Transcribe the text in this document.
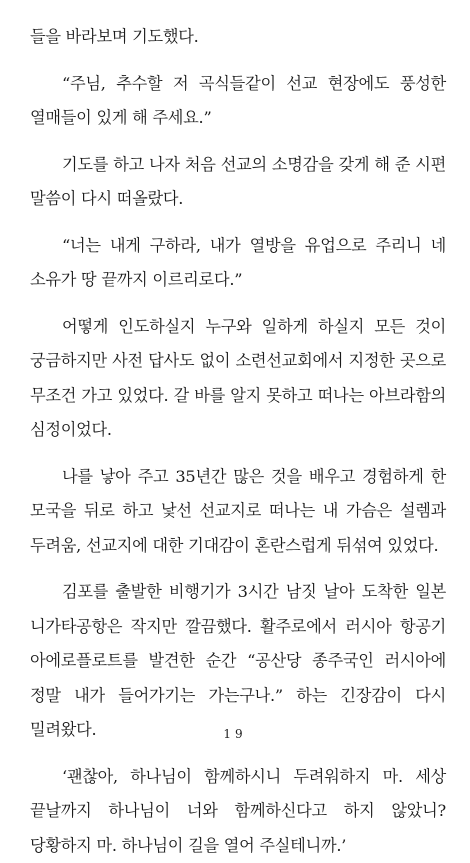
들을 바라보며 기도했다.

“주님, 추수할 저 곡식들같이 선교 현장에도 풍성한 열매들이 있게 해 주세요.”

기도를 하고 나자 처음 선교의 소명감을 갖게 해 준 시편 말씀이 다시 떠올랐다.

“너는 내게 구하라, 내가 열방을 유업으로 주리니 네 소유가 땅 끝까지 이르리로다.”

어떻게 인도하실지 누구와 일하게 하실지 모든 것이 궁금하지만 사전 답사도 없이 소련선교회에서 지정한 곳으로 무조건 가고 있었다. 갈 바를 알지 못하고 떠나는 아브라함의 심정이었다.

나를 낳아 주고 35년간 많은 것을 배우고 경험하게 한 모국을 뒤로 하고 낯선 선교지로 떠나는 내 가슴은 설렘과 두려움, 선교지에 대한 기대감이 혼란스럽게 뒤섞여 있었다.

김포를 출발한 비행기가 3시간 남짓 날아 도착한 일본 니가타공항은 작지만 깔끔했다. 활주로에서 러시아 항공기 아에로플로트를 발견한 순간 “공산당 종주국인 러시아에 정말 내가 들어가기는 가는구나.” 하는 긴장감이 다시 밀려왔다.

‘괜찮아, 하나님이 함께하시니 두려워하지 마. 세상 끝날까지 하나님이 너와 함께하신다고 하지 않았니? 당황하지 마. 하나님이 길을 열어 주실테니까.’

19
